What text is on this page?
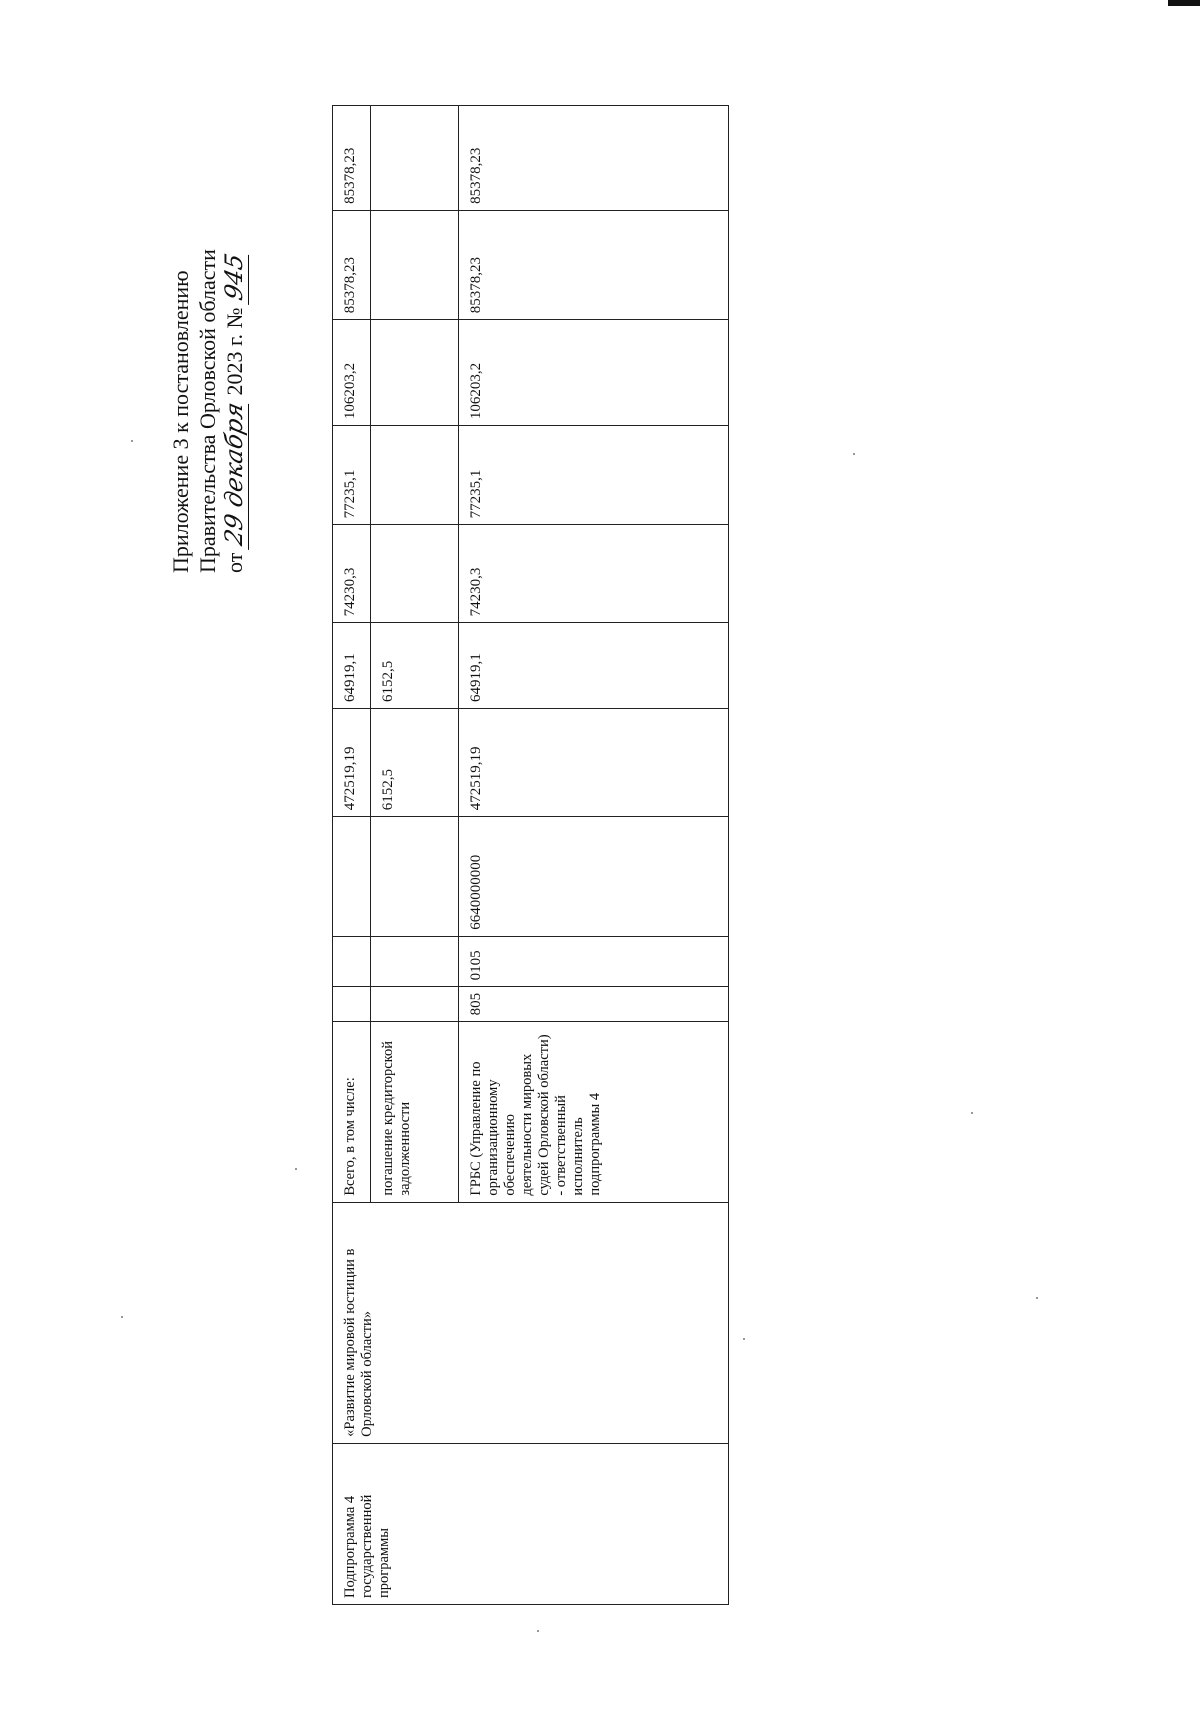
Приложение 3 к постановлению Правительства Орловской области от 29 декабря 2023 г. № 945
Подпрограмма 4 государственной программы	«Развитие мировой юстиции в Орловской области»	Всего, в том числе:				472519,19	64919,1	74230,3	77235,1	106203,2	85378,23	85378,23
		погашение кредиторской задолженности				6152,5	6152,5					
		ГРБС (Управление по организационному обеспечению деятельности мировых судей Орловской области) - ответственный исполнитель подпрограммы 4	805	0105	6640000000	472519,19	64919,1	74230,3	77235,1	106203,2	85378,23	85378,23
